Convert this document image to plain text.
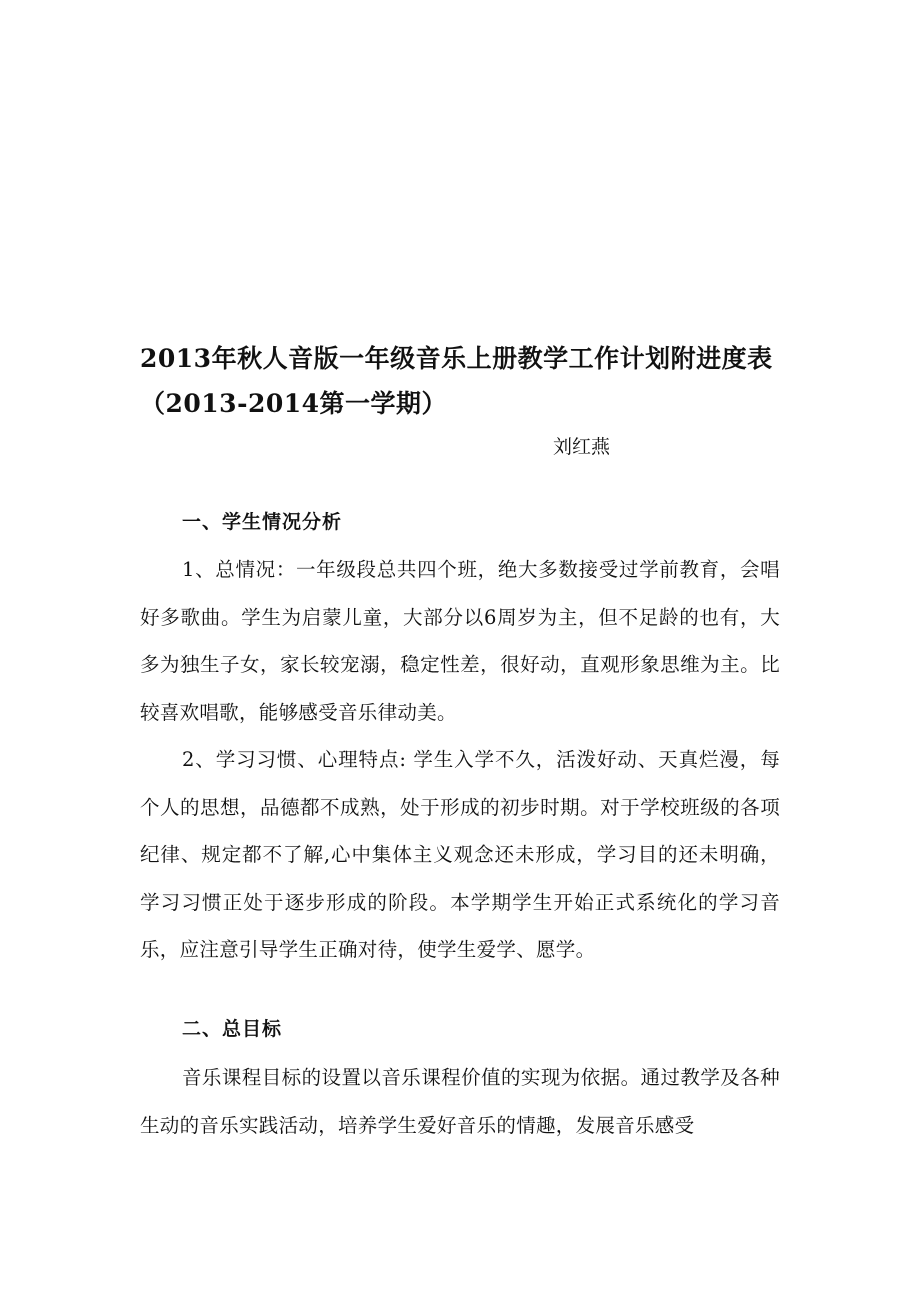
2013年秋人音版一年级音乐上册教学工作计划附进度表
（2013-2014第一学期）

刘红燕

一、学生情况分析

1、总情况：一年级段总共四个班，绝大多数接受过学前教育，会唱好多歌曲。学生为启蒙儿童，大部分以6周岁为主，但不足龄的也有，大多为独生子女，家长较宠溺，稳定性差，很好动，直观形象思维为主。比较喜欢唱歌，能够感受音乐律动美。

2、学习习惯、心理特点: 学生入学不久，活泼好动、天真烂漫，每个人的思想，品德都不成熟，处于形成的初步时期。对于学校班级的各项纪律、规定都不了解,心中集体主义观念还未形成，学习目的还未明确，学习习惯正处于逐步形成的阶段。本学期学生开始正式系统化的学习音乐，应注意引导学生正确对待，使学生爱学、愿学。

二、总目标

音乐课程目标的设置以音乐课程价值的实现为依据。通过教学及各种生动的音乐实践活动，培养学生爱好音乐的情趣，发展音乐感受
